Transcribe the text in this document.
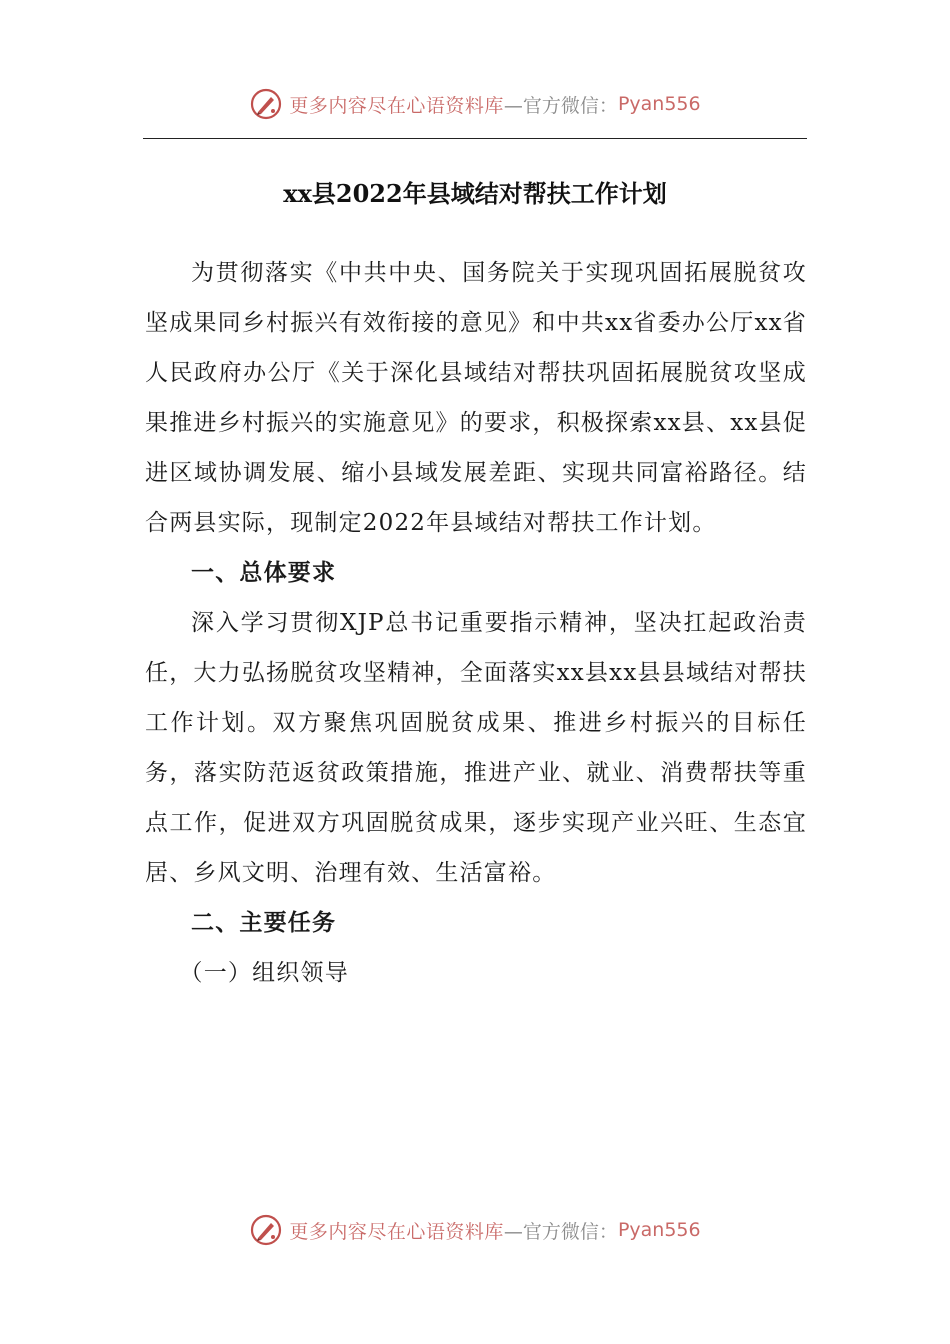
更多内容尽在心语资料库 —官方微信： Pyan556
xx县2022年县域结对帮扶工作计划

为贯彻落实《中共中央、国务院关于实现巩固拓展脱贫攻坚成果同乡村振兴有效衔接的意见》和中共xx省委办公厅xx省人民政府办公厅《关于深化县域结对帮扶巩固拓展脱贫攻坚成果推进乡村振兴的实施意见》的要求，积极探索xx县、xx县促进区域协调发展、缩小县域发展差距、实现共同富裕路径。结合两县实际，现制定2022年县域结对帮扶工作计划。

一、总体要求

深入学习贯彻XJP总书记重要指示精神，坚决扛起政治责任，大力弘扬脱贫攻坚精神，全面落实xx县xx县县域结对帮扶工作计划。双方聚焦巩固脱贫成果、推进乡村振兴的目标任务，落实防范返贫政策措施，推进产业、就业、消费帮扶等重点工作，促进双方巩固脱贫成果，逐步实现产业兴旺、生态宜居、乡风文明、治理有效、生活富裕。

二、主要任务
（一）组织领导
更多内容尽在心语资料库 —官方微信： Pyan556
